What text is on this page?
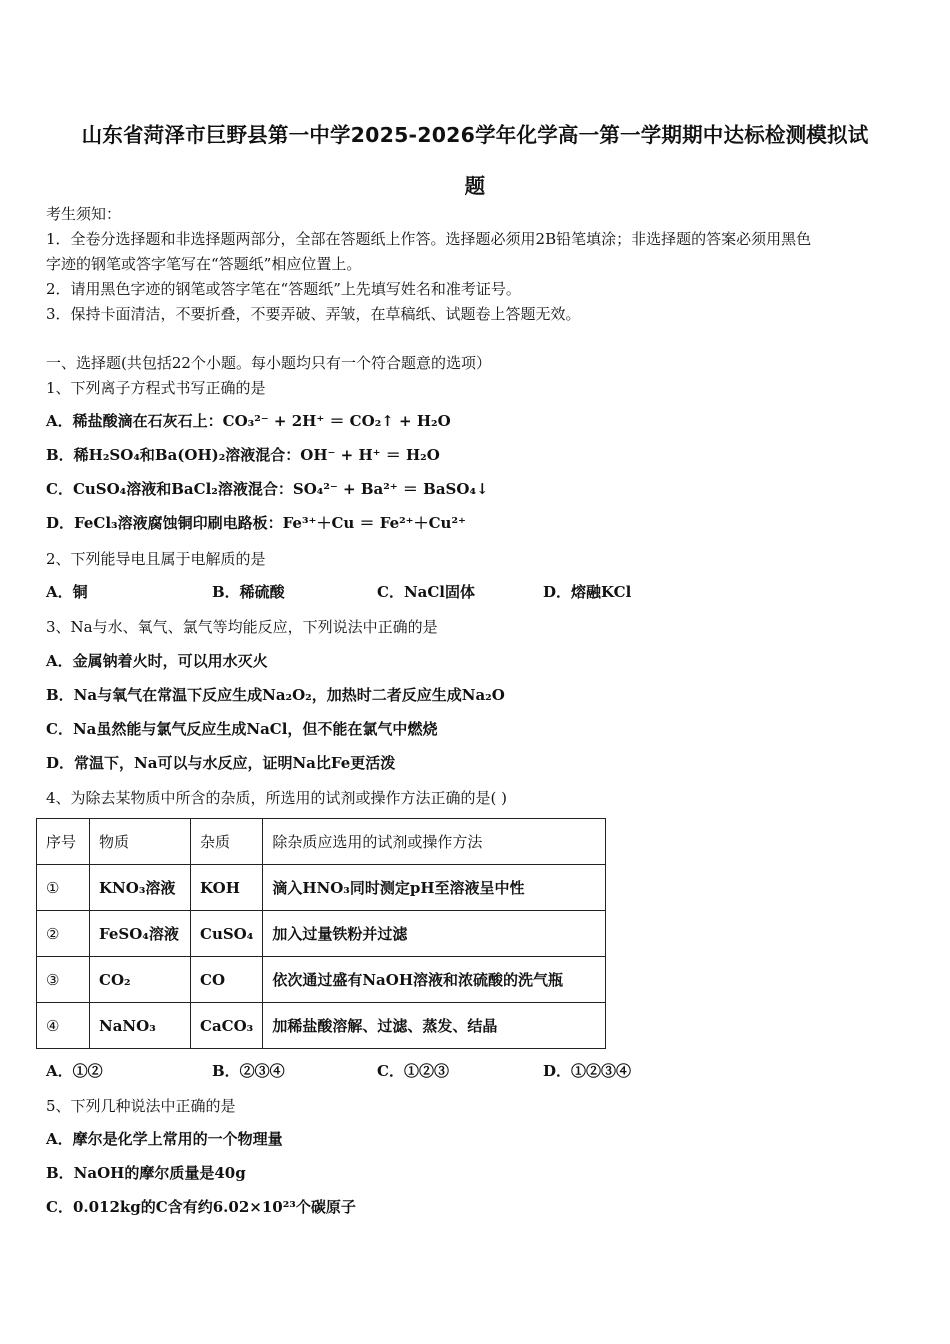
山东省菏泽市巨野县第一中学2025-2026学年化学高一第一学期期中达标检测模拟试
题
考生须知：
1．全卷分选择题和非选择题两部分，全部在答题纸上作答。选择题必须用2B铅笔填涂；非选择题的答案必须用黑色
字迹的钢笔或答字笔写在“答题纸”相应位置上。
2．请用黑色字迹的钢笔或答字笔在“答题纸”上先填写姓名和准考证号。
3．保持卡面清洁，不要折叠，不要弄破、弄皱，在草稿纸、试题卷上答题无效。
一、选择题(共包括22个小题。每小题均只有一个符合题意的选项）
1、下列离子方程式书写正确的是
A．稀盐酸滴在石灰石上：CO₃²⁻ + 2H⁺ ＝ CO₂↑ + H₂O
B．稀H₂SO₄和Ba(OH)₂溶液混合：OH⁻ + H⁺ ＝ H₂O
C．CuSO₄溶液和BaCl₂溶液混合：SO₄²⁻ + Ba²⁺ ＝ BaSO₄↓
D．FeCl₃溶液腐蚀铜印刷电路板：Fe³⁺＋Cu ＝ Fe²⁺＋Cu²⁺
2、下列能导电且属于电解质的是
A．铜	B．稀硫酸	C．NaCl固体	D．熔融KCl
3、Na与水、氧气、氯气等均能反应，下列说法中正确的是
A．金属钠着火时，可以用水灭火
B．Na与氧气在常温下反应生成Na₂O₂，加热时二者反应生成Na₂O
C．Na虽然能与氯气反应生成NaCl，但不能在氯气中燃烧
D．常温下，Na可以与水反应，证明Na比Fe更活泼
4、为除去某物质中所含的杂质，所选用的试剂或操作方法正确的是( )
序号	物质	杂质	除杂质应选用的试剂或操作方法
①	KNO₃溶液	KOH	滴入HNO₃同时测定pH至溶液呈中性
②	FeSO₄溶液	CuSO₄	加入过量铁粉并过滤
③	CO₂	CO	依次通过盛有NaOH溶液和浓硫酸的洗气瓶
④	NaNO₃	CaCO₃	加稀盐酸溶解、过滤、蒸发、结晶
A．①②	B．②③④	C．①②③	D．①②③④
5、下列几种说法中正确的是
A．摩尔是化学上常用的一个物理量
B．NaOH的摩尔质量是40g
C．0.012kg的C含有约6.02×10²³个碳原子
